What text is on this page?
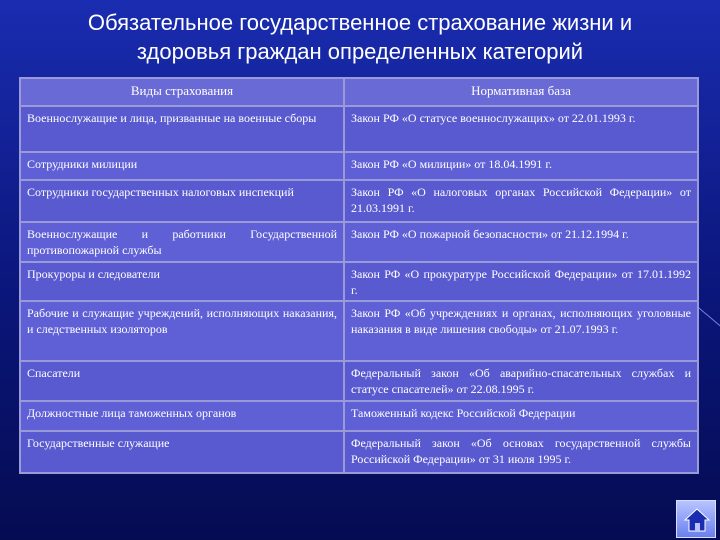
Обязательное государственное страхование жизни и
здоровья граждан определенных категорий
Виды страхования	Нормативная база
Военнослужащие и лица, призванные на военные сборы	Закон РФ «О статусе военнослужащих» от 22.01.1993 г.
Сотрудники милиции	Закон РФ «О милиции» от 18.04.1991 г.
Сотрудники государственных налоговых инспекций	Закон РФ «О налоговых органах Российской Федерации» от 21.03.1991 г.
Военнослужащие и работники Государственной противопожарной службы	Закон РФ «О пожарной безопасности» от 21.12.1994 г.
Прокуроры и следователи	Закон РФ «О прокуратуре Российской Федерации» от 17.01.1992 г.
Рабочие и служащие учреждений, исполняющих наказания, и следственных изоляторов	Закон РФ «Об учреждениях и органах, исполняющих уголовные наказания в виде лишения свободы» от 21.07.1993 г.
Спасатели	Федеральный закон «Об аварийно-спасательных службах и статусе спасателей» от 22.08.1995 г.
Должностные лица таможенных органов	Таможенный кодекс Российской Федерации
Государственные служащие	Федеральный закон «Об основах государственной службы Российской Федерации» от 31 июля 1995 г.
